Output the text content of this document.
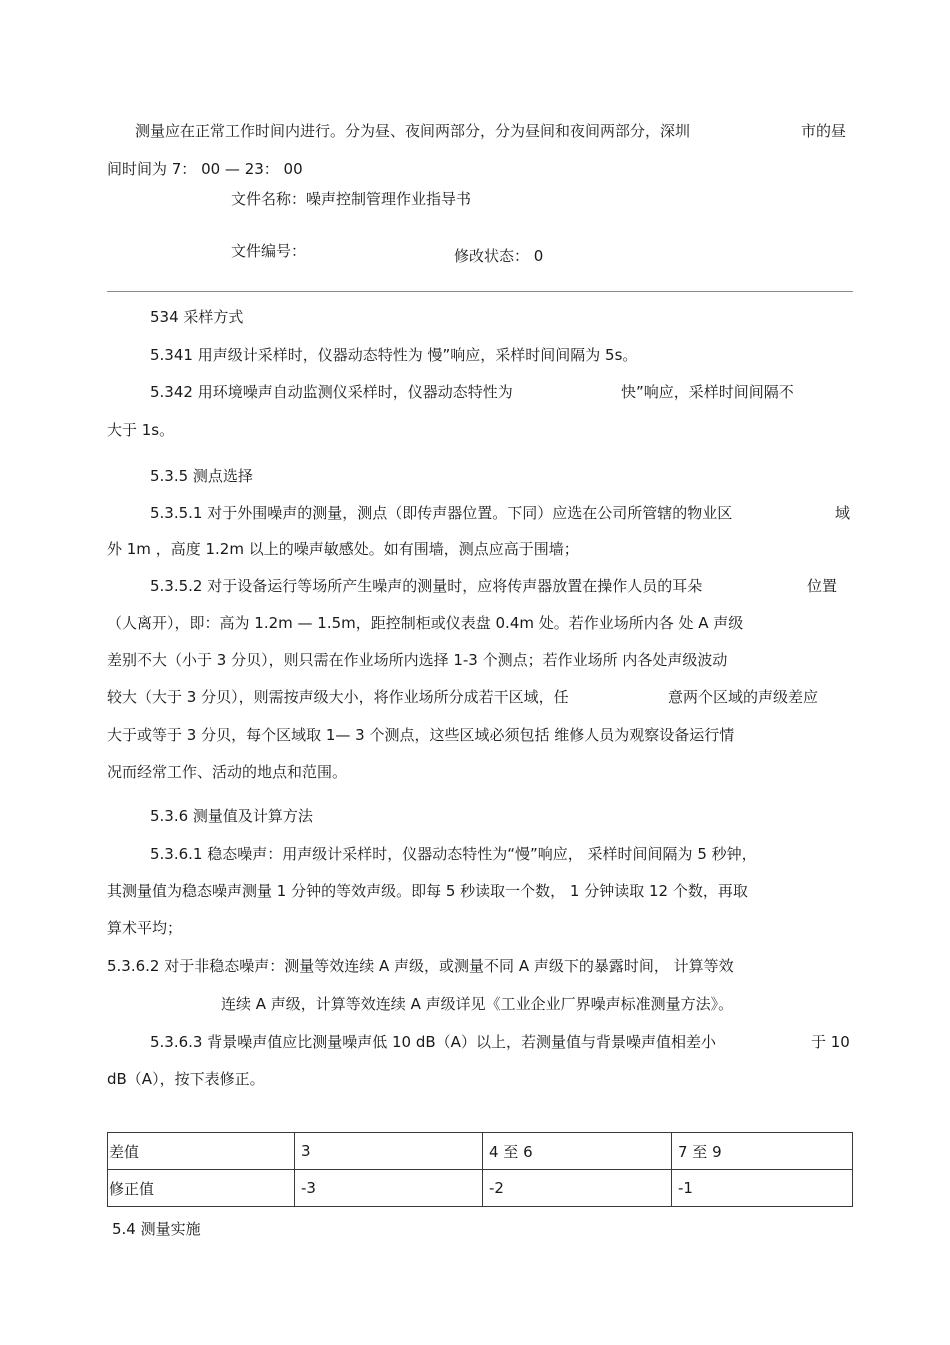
测量应在正常工作时间内进行。分为昼、夜间两部分，分为昼间和夜间两部分，深圳	市的昼
间时间为 7： 00 — 23： 00
文件名称：噪声控制管理作业指导书
文件编号：	修改状态： 0
534 采样方式
5.341 用声级计采样时，仪器动态特性为 慢”响应，采样时间间隔为 5s。
5.342 用环境噪声自动监测仪采样时，仪器动态特性为	快”响应，采样时间间隔不
大于 1s。
5.3.5 测点选择
5.3.5.1 对于外围噪声的测量，测点（即传声器位置。下同）应选在公司所管辖的物业区	域
外 1m ，高度 1.2m 以上的噪声敏感处。如有围墙，测点应高于围墙；
5.3.5.2 对于设备运行等场所产生噪声的测量时，应将传声器放置在操作人员的耳朵	位置
（人离开），即：高为 1.2m — 1.5m，距控制柜或仪表盘 0.4m 处。若作业场所内各 处 A 声级
差别不大（小于 3 分贝），则只需在作业场所内选择 1-3 个测点；若作业场所 内各处声级波动
较大（大于 3 分贝），则需按声级大小，将作业场所分成若干区域，任	意两个区域的声级差应
大于或等于 3 分贝，每个区域取 1— 3 个测点，这些区域必须包括 维修人员为观察设备运行情
况而经常工作、活动的地点和范围。
5.3.6 测量值及计算方法
5.3.6.1 稳态噪声：用声级计采样时，仪器动态特性为“慢”响应， 采样时间间隔为 5 秒钟，
其测量值为稳态噪声测量 1 分钟的等效声级。即每 5 秒读取一个数， 1 分钟读取 12 个数，再取
算术平均；
5.3.6.2 对于非稳态噪声：测量等效连续 A 声级，或测量不同 A 声级下的暴露时间， 计算等效
连续 A 声级，计算等效连续 A 声级详见《工业企业厂界噪声标准测量方法》。
5.3.6.3 背景噪声值应比测量噪声低 10 dB（A）以上，若测量值与背景噪声值相差小	于 10
dB（A），按下表修正。
差值	3	4 至 6	7 至 9
修正值	-3	-2	-1
5.4 测量实施
